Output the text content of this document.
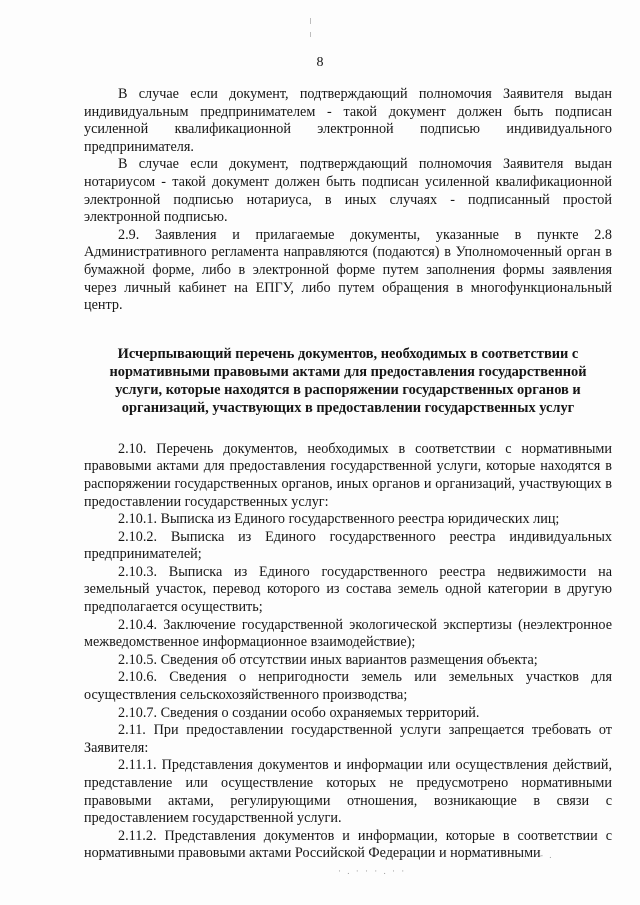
8

В случае если документ, подтверждающий полномочия Заявителя выдан индивидуальным предпринимателем - такой документ должен быть подписан усиленной квалификационной электронной подписью индивидуального предпринимателя.

В случае если документ, подтверждающий полномочия Заявителя выдан нотариусом - такой документ должен быть подписан усиленной квалификационной электронной подписью нотариуса, в иных случаях - подписанный простой электронной подписью.

2.9. Заявления и прилагаемые документы, указанные в пункте 2.8 Административного регламента направляются (подаются) в Уполномоченный орган в бумажной форме, либо в электронной форме путем заполнения формы заявления через личный кабинет на ЕПГУ, либо путем обращения в многофункциональный центр.

Исчерпывающий перечень документов, необходимых в соответствии с нормативными правовыми актами для предоставления государственной услуги, которые находятся в распоряжении государственных органов и организаций, участвующих в предоставлении государственных услуг

2.10. Перечень документов, необходимых в соответствии с нормативными правовыми актами для предоставления государственной услуги, которые находятся в распоряжении государственных органов, иных органов и организаций, участвующих в предоставлении государственных услуг:

2.10.1. Выписка из Единого государственного реестра юридических лиц;

2.10.2. Выписка из Единого государственного реестра индивидуальных предпринимателей;

2.10.3. Выписка из Единого государственного реестра недвижимости на земельный участок, перевод которого из состава земель одной категории в другую предполагается осуществить;

2.10.4. Заключение государственной экологической экспертизы (неэлектронное межведомственное информационное взаимодействие);

2.10.5. Сведения об отсутствии иных вариантов размещения объекта;

2.10.6. Сведения о непригодности земель или земельных участков для осуществления сельскохозяйственного производства;

2.10.7. Сведения о создании особо охраняемых территорий.

2.11. При предоставлении государственной услуги запрещается требовать от Заявителя:

2.11.1. Представления документов и информации или осуществления действий, представление или осуществление которых не предусмотрено нормативными правовыми актами, регулирующими отношения, возникающие в связи с предоставлением государственной услуги.

2.11.2. Представления документов и информации, которые в соответствии с нормативными правовыми актами Российской Федерации и нормативными

· . · · · . · ·
- .
